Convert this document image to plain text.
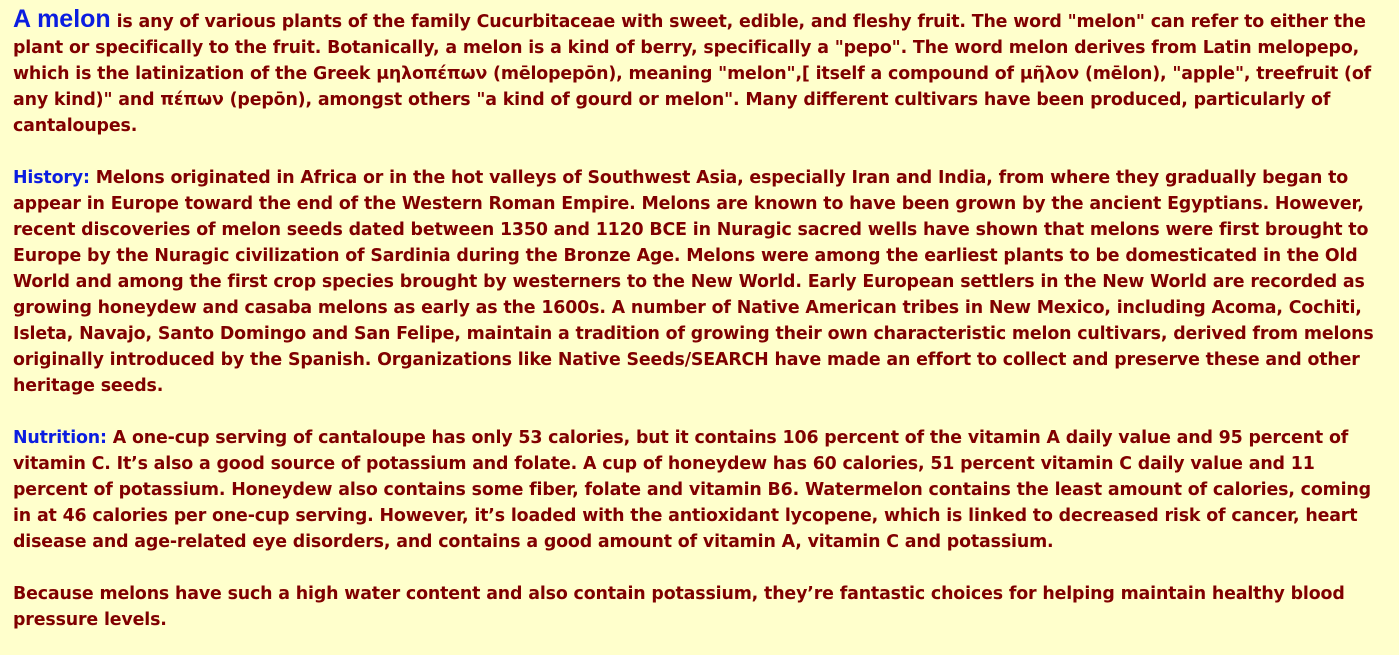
A melon is any of various plants of the family Cucurbitaceae with sweet, edible, and fleshy fruit. The word "melon" can refer to either the plant or specifically to the fruit. Botanically, a melon is a kind of berry, specifically a "pepo". The word melon derives from Latin melopepo, which is the latinization of the Greek μηλοπέπων (mēlopepōn), meaning "melon",[ itself a compound of μῆλον (mēlon), "apple", treefruit (of any kind)" and πέπων (pepōn), amongst others "a kind of gourd or melon". Many different cultivars have been produced, particularly of cantaloupes.

History: Melons originated in Africa or in the hot valleys of Southwest Asia, especially Iran and India, from where they gradually began to appear in Europe toward the end of the Western Roman Empire. Melons are known to have been grown by the ancient Egyptians. However, recent discoveries of melon seeds dated between 1350 and 1120 BCE in Nuragic sacred wells have shown that melons were first brought to Europe by the Nuragic civilization of Sardinia during the Bronze Age. Melons were among the earliest plants to be domesticated in the Old World and among the first crop species brought by westerners to the New World. Early European settlers in the New World are recorded as growing honeydew and casaba melons as early as the 1600s. A number of Native American tribes in New Mexico, including Acoma, Cochiti, Isleta, Navajo, Santo Domingo and San Felipe, maintain a tradition of growing their own characteristic melon cultivars, derived from melons originally introduced by the Spanish. Organizations like Native Seeds/SEARCH have made an effort to collect and preserve these and other heritage seeds.

Nutrition: A one-cup serving of cantaloupe has only 53 calories, but it contains 106 percent of the vitamin A daily value and 95 percent of vitamin C. It’s also a good source of potassium and folate. A cup of honeydew has 60 calories, 51 percent vitamin C daily value and 11 percent of potassium. Honeydew also contains some fiber, folate and vitamin B6. Watermelon contains the least amount of calories, coming in at 46 calories per one-cup serving. However, it’s loaded with the antioxidant lycopene, which is linked to decreased risk of cancer, heart disease and age-related eye disorders, and contains a good amount of vitamin A, vitamin C and potassium.

Because melons have such a high water content and also contain potassium, they’re fantastic choices for helping maintain healthy blood pressure levels.
